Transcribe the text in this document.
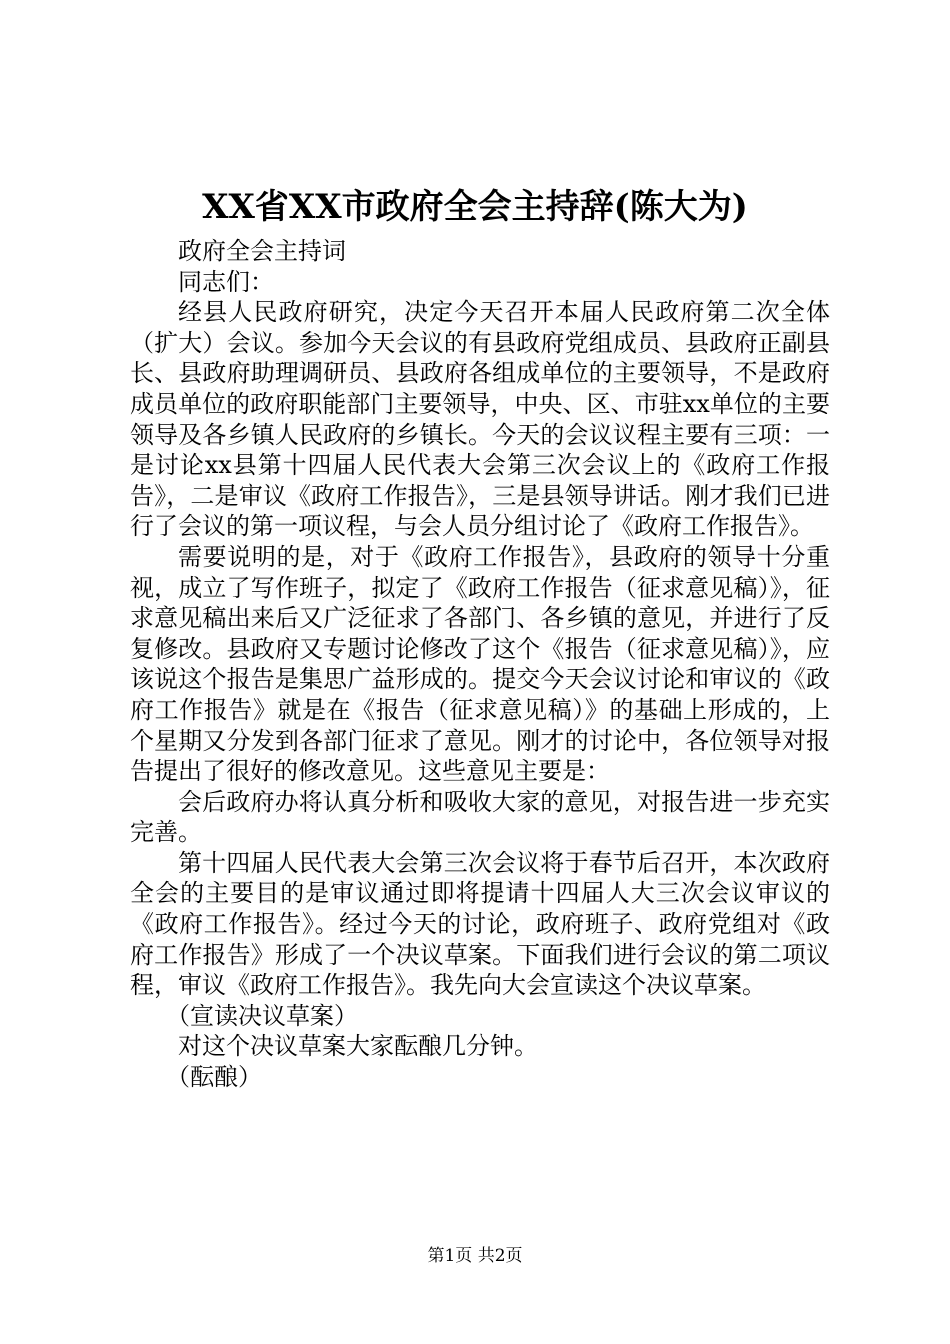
XX省XX市政府全会主持辞(陈大为)

政府全会主持词

同志们：

经县人民政府研究，决定今天召开本届人民政府第二次全体（扩大）会议。参加今天会议的有县政府党组成员、县政府正副县长、县政府助理调研员、县政府各组成单位的主要领导，不是政府成员单位的政府职能部门主要领导，中央、区、市驻xx单位的主要领导及各乡镇人民政府的乡镇长。今天的会议议程主要有三项：一是讨论xx县第十四届人民代表大会第三次会议上的《政府工作报告》，二是审议《政府工作报告》，三是县领导讲话。刚才我们已进行了会议的第一项议程，与会人员分组讨论了《政府工作报告》。

需要说明的是，对于《政府工作报告》，县政府的领导十分重视，成立了写作班子，拟定了《政府工作报告（征求意见稿）》，征求意见稿出来后又广泛征求了各部门、各乡镇的意见，并进行了反复修改。县政府又专题讨论修改了这个《报告（征求意见稿）》，应该说这个报告是集思广益形成的。提交今天会议讨论和审议的《政府工作报告》就是在《报告（征求意见稿）》的基础上形成的，上个星期又分发到各部门征求了意见。刚才的讨论中，各位领导对报告提出了很好的修改意见。这些意见主要是：

会后政府办将认真分析和吸收大家的意见，对报告进一步充实完善。

第十四届人民代表大会第三次会议将于春节后召开，本次政府全会的主要目的是审议通过即将提请十四届人大三次会议审议的《政府工作报告》。经过今天的讨论，政府班子、政府党组对《政府工作报告》形成了一个决议草案。下面我们进行会议的第二项议程，审议《政府工作报告》。我先向大会宣读这个决议草案。

（宣读决议草案）

对这个决议草案大家酝酿几分钟。

（酝酿）

第1页 共2页
